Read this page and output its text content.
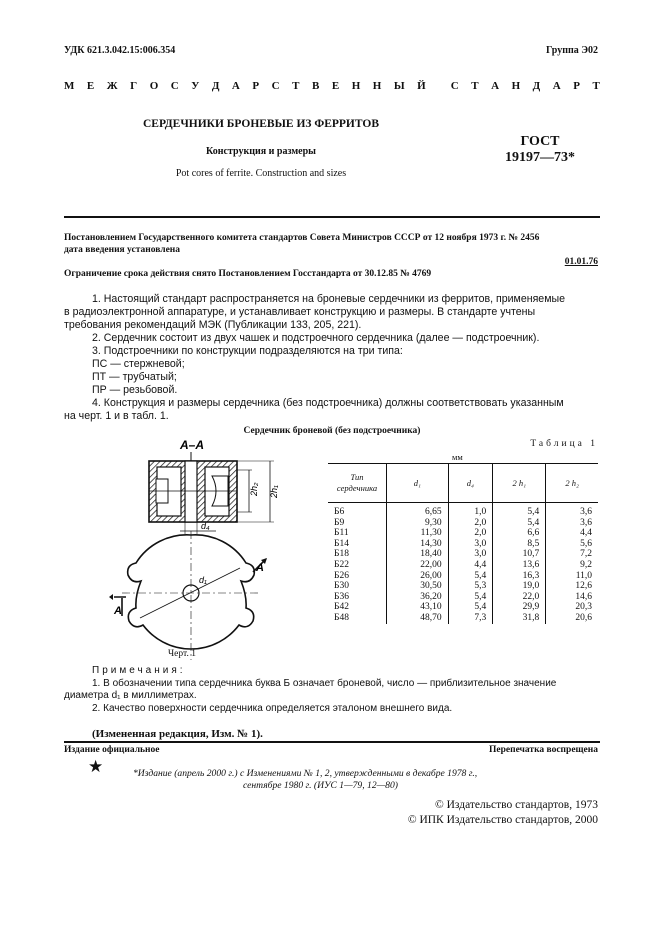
УДК 621.3.042.15:006.354	Группа Э02
М Е Ж Г О С У Д А Р С Т В Е Н Н Ы Й С Т А Н Д А Р Т
СЕРДЕЧНИКИ БРОНЕВЫЕ ИЗ ФЕРРИТОВ
Конструкция и размеры
Pot cores of ferrite. Construction and sizes
ГОСТ
19197—73*
Постановлением Государственного комитета стандартов Совета Министров СССР от 12 ноября 1973 г. № 2456
дата введения установлена
01.01.76
Ограничение срока действия снято Постановлением Госстандарта от 30.12.85 № 4769
1. Настоящий стандарт распространяется на броневые сердечники из ферритов, применяемые
в радиоэлектронной аппаратуре, и устанавливает конструкцию и размеры. В стандарте учтены
требования рекомендаций МЭК (Публикации 133, 205, 221).
2. Сердечник состоит из двух чашек и подстроечного сердечника (далее — подстроечник).
3. Подстроечники по конструкции подразделяются на три типа:
ПС — стержневой;
ПТ — трубчатый;
ПР — резьбовой.
4. Конструкция и размеры сердечника (без подстроечника) должны соответствовать указанным
на черт. 1 и в табл. 1.
Сердечник броневой (без подстроечника)
А–А
2h₂ 2h₁
d₄
d₁
А
А
Черт. 1
Таблица 1
мм
Тип сердечника	d₁	d₄	2 h₁	2 h₂
Б6	6,65	1,0	5,4	3,6
Б9	9,30	2,0	5,4	3,6
Б11	11,30	2,0	6,6	4,4
Б14	14,30	3,0	8,5	5,6
Б18	18,40	3,0	10,7	7,2
Б22	22,00	4,4	13,6	9,2
Б26	26,00	5,4	16,3	11,0
Б30	30,50	5,3	19,0	12,6
Б36	36,20	5,4	22,0	14,6
Б42	43,10	5,4	29,9	20,3
Б48	48,70	7,3	31,8	20,6
Примечания:
1. В обозначении типа сердечника буква Б означает броневой, число — приблизительное значение
диаметра d₁ в миллиметрах.
2. Качество поверхности сердечника определяется эталоном внешнего вида.
(Измененная редакция, Изм. № 1).
Издание официальное	Перепечатка воспрещена
★	*Издание (апрель 2000 г.) с Изменениями № 1, 2, утвержденными в декабре 1978 г.,
сентябре 1980 г. (ИУС 1—79, 12—80)
© Издательство стандартов, 1973
© ИПК Издательство стандартов, 2000
